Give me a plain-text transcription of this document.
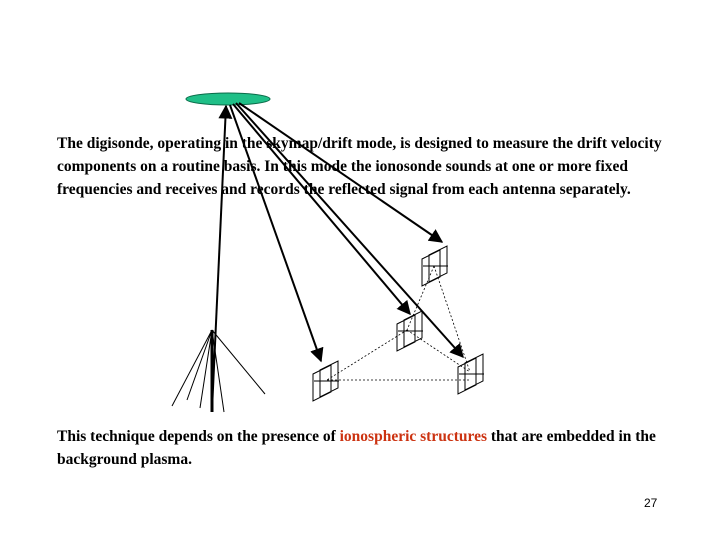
The digisonde, operating in the skymap/drift mode, is designed to measure the drift velocity components on a routine basis. In this mode the ionosonde sounds at one or more fixed frequencies and receives and records the reflected signal from each antenna separately.
This technique depends on the presence of ionospheric structures that are embedded in the background plasma.
27
